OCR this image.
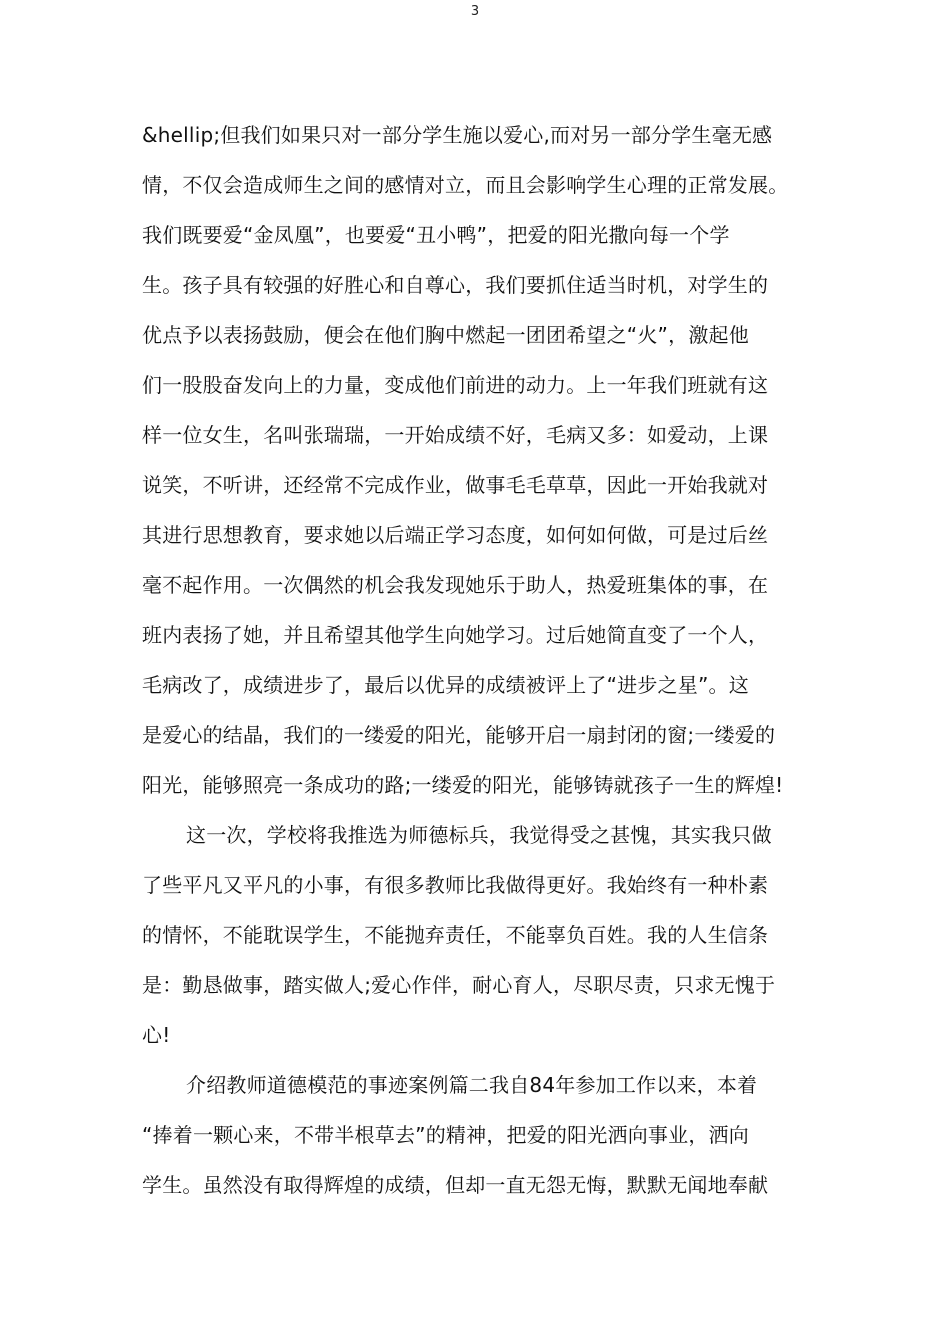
3
&hellip;但我们如果只对一部分学生施以爱心,而对另一部分学生毫无感
情，不仅会造成师生之间的感情对立，而且会影响学生心理的正常发展。
我们既要爱“金凤凰”，也要爱“丑小鸭”，把爱的阳光撒向每一个学
生。孩子具有较强的好胜心和自尊心，我们要抓住适当时机，对学生的
优点予以表扬鼓励，便会在他们胸中燃起一团团希望之“火”，激起他
们一股股奋发向上的力量，变成他们前进的动力。上一年我们班就有这
样一位女生，名叫张瑞瑞，一开始成绩不好，毛病又多：如爱动，上课
说笑，不听讲，还经常不完成作业，做事毛毛草草，因此一开始我就对
其进行思想教育，要求她以后端正学习态度，如何如何做，可是过后丝
毫不起作用。一次偶然的机会我发现她乐于助人，热爱班集体的事，在
班内表扬了她，并且希望其他学生向她学习。过后她简直变了一个人，
毛病改了，成绩进步了，最后以优异的成绩被评上了“进步之星”。这
是爱心的结晶，我们的一缕爱的阳光，能够开启一扇封闭的窗;一缕爱的
阳光，能够照亮一条成功的路;一缕爱的阳光，能够铸就孩子一生的辉煌!
这一次，学校将我推选为师德标兵，我觉得受之甚愧，其实我只做
了些平凡又平凡的小事，有很多教师比我做得更好。我始终有一种朴素
的情怀，不能耽误学生，不能抛弃责任，不能辜负百姓。我的人生信条
是：勤恳做事，踏实做人;爱心作伴，耐心育人，尽职尽责，只求无愧于
心!
介绍教师道德模范的事迹案例篇二我自84年参加工作以来，本着
“捧着一颗心来，不带半根草去”的精神，把爱的阳光洒向事业，洒向
学生。虽然没有取得辉煌的成绩，但却一直无怨无悔，默默无闻地奉献
